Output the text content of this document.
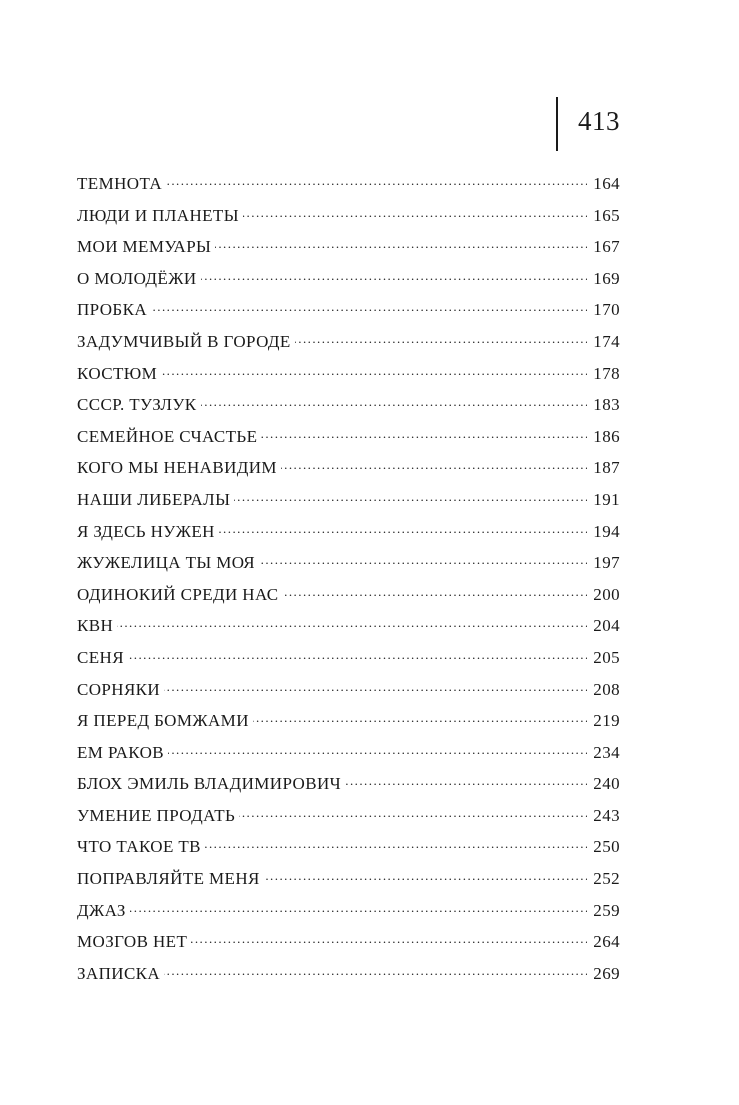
413
ТЕМНОТА . . .	164
ЛЮДИ И ПЛАНЕТЫ . . .	165
МОИ МЕМУАРЫ . . .	167
О МОЛОДЁЖИ . . .	169
ПРОБКА . . .	170
ЗАДУМЧИВЫЙ В ГОРОДЕ . . .	174
КОСТЮМ . . .	178
СССР. ТУЗЛУК . . .	183
СЕМЕЙНОЕ СЧАСТЬЕ . . .	186
КОГО МЫ НЕНАВИДИМ . . .	187
НАШИ ЛИБЕРАЛЫ . . .	191
Я ЗДЕСЬ НУЖЕН . . .	194
ЖУЖЕЛИЦА ТЫ МОЯ . . .	197
ОДИНОКИЙ СРЕДИ НАС . . .	200
КВН . . .	204
СЕНЯ . . .	205
СОРНЯКИ . . .	208
Я ПЕРЕД БОМЖАМИ . . .	219
ЕМ РАКОВ . . .	234
БЛОХ ЭМИЛЬ ВЛАДИМИРОВИЧ . . .	240
УМЕНИЕ ПРОДАТЬ . . .	243
ЧТО ТАКОЕ ТВ . . .	250
ПОПРАВЛЯЙТЕ МЕНЯ . . .	252
ДЖАЗ . . .	259
МОЗГОВ НЕТ . . .	264
ЗАПИСКА . . .	269
